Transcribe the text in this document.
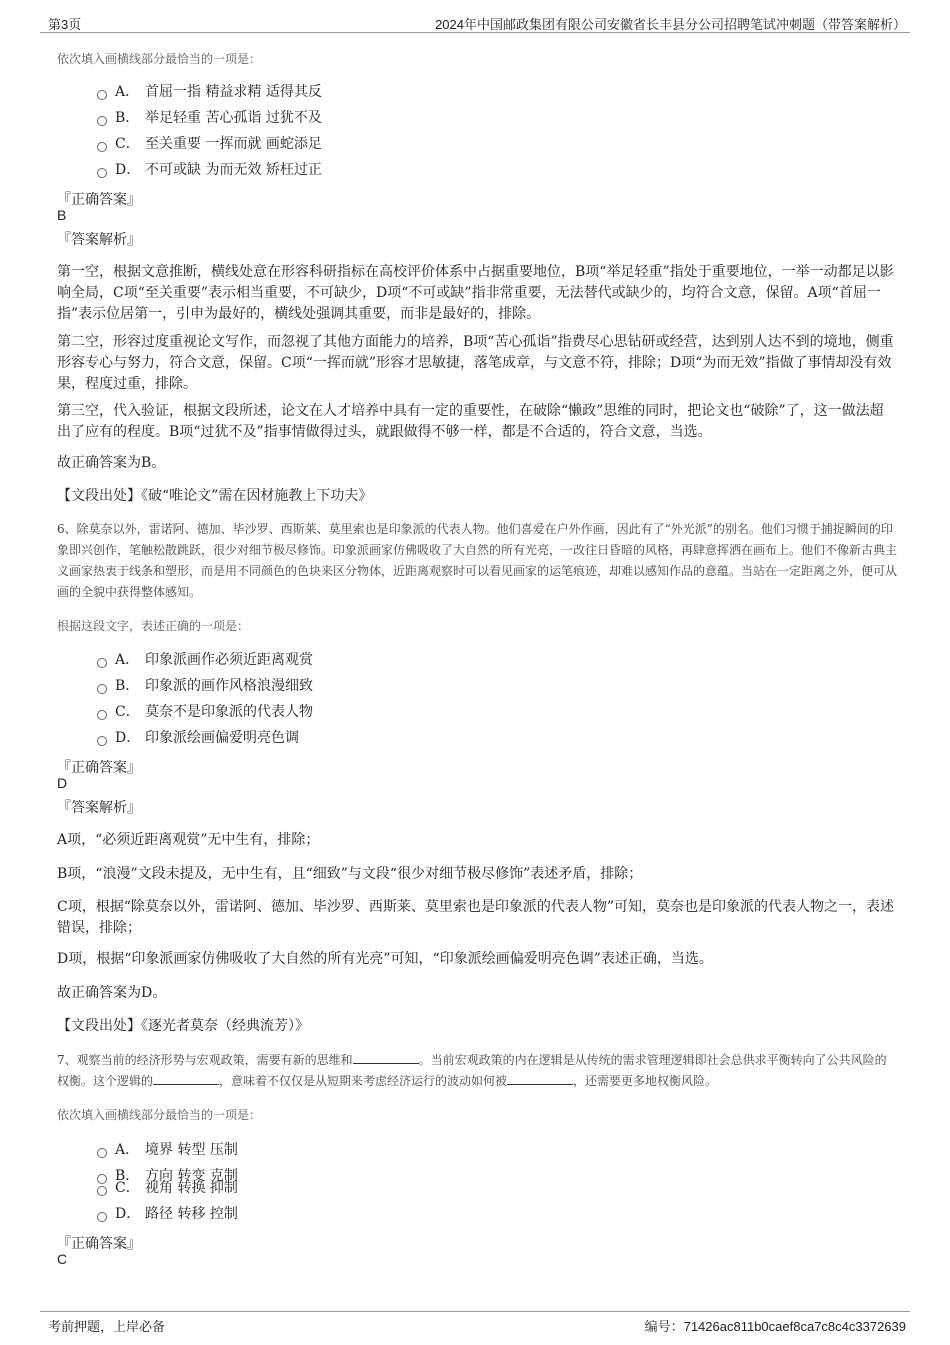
第3页	2024年中国邮政集团有限公司安徽省长丰县分公司招聘笔试冲刺题（带答案解析）
依次填入画横线部分最恰当的一项是：
A． 首屈一指 精益求精 适得其反
B． 举足轻重 苦心孤诣 过犹不及
C． 至关重要 一挥而就 画蛇添足
D． 不可或缺 为而无效 矫枉过正
『正确答案』
B
『答案解析』
第一空，根据文意推断，横线处意在形容科研指标在高校评价体系中占据重要地位，B项“举足轻重”指处于重要地位，一举一动都足以影响全局，C项“至关重要”表示相当重要，不可缺少，D项“不可或缺”指非常重要，无法替代或缺少的，均符合文意，保留。A项“首屈一指”表示位居第一，引申为最好的，横线处强调其重要，而非是最好的，排除。
第二空，形容过度重视论文写作，而忽视了其他方面能力的培养，B项“苦心孤诣”指费尽心思钻研或经营，达到别人达不到的境地，侧重形容专心与努力，符合文意，保留。C项“一挥而就”形容才思敏捷，落笔成章，与文意不符，排除；D项“为而无效”指做了事情却没有效果，程度过重，排除。
第三空，代入验证，根据文段所述，论文在人才培养中具有一定的重要性，在破除“懒政”思维的同时，把论文也“破除”了，这一做法超出了应有的程度。B项“过犹不及”指事情做得过头，就跟做得不够一样，都是不合适的，符合文意，当选。
故正确答案为B。
【文段出处】《破“唯论文”需在因材施教上下功夫》
6、除莫奈以外，雷诺阿、德加、毕沙罗、西斯莱、莫里索也是印象派的代表人物。他们喜爱在户外作画，因此有了“外光派”的别名。他们习惯于捕捉瞬间的印象即兴创作，笔触松散跳跃，很少对细节极尽修饰。印象派画家仿佛吸收了大自然的所有光亮，一改往日昏暗的风格，再肆意挥洒在画布上。他们不像新古典主义画家热衷于线条和塑形，而是用不同颜色的色块来区分物体，近距离观察时可以看见画家的运笔痕迹，却难以感知作品的意蕴。当站在一定距离之外，便可从画的全貌中获得整体感知。
根据这段文字，表述正确的一项是：
A． 印象派画作必须近距离观赏
B． 印象派的画作风格浪漫细致
C． 莫奈不是印象派的代表人物
D． 印象派绘画偏爱明亮色调
『正确答案』
D
『答案解析』
A项，“必须近距离观赏”无中生有，排除；
B项，“浪漫”文段未提及，无中生有，且“细致”与文段“很少对细节极尽修饰”表述矛盾，排除；
C项，根据“除莫奈以外，雷诺阿、德加、毕沙罗、西斯莱、莫里索也是印象派的代表人物”可知，莫奈也是印象派的代表人物之一，表述错误，排除；
D项，根据“印象派画家仿佛吸收了大自然的所有光亮”可知，“印象派绘画偏爱明亮色调”表述正确，当选。
故正确答案为D。
【文段出处】《逐光者莫奈（经典流芳）》
7、观察当前的经济形势与宏观政策，需要有新的思维和	。当前宏观政策的内在逻辑是从传统的需求管理逻辑即社会总供求平衡转向了公共风险的权衡。这个逻辑的	，意味着不仅仅是从短期来考虑经济运行的波动如何被	，还需要更多地权衡风险。
依次填入画横线部分最恰当的一项是：
A． 境界 转型 压制
B． 方向 转变 克制
C． 视角 转换 抑制
D． 路径 转移 控制
『正确答案』
C
考前押题，上岸必备	编号：71426ac811b0caef8ca7c8c4c3372639
